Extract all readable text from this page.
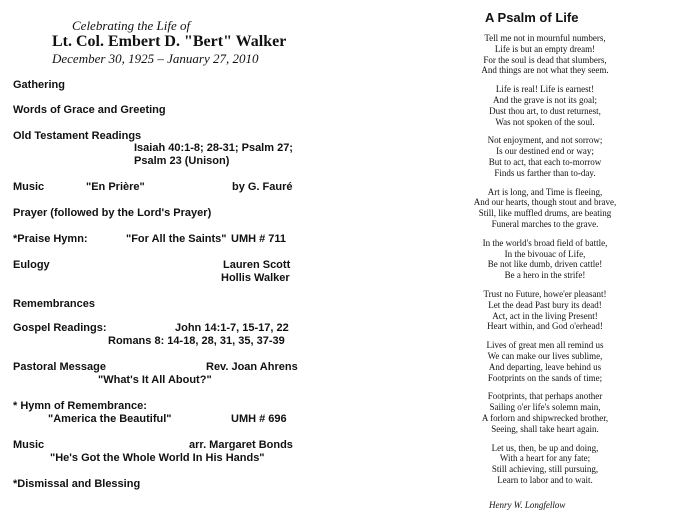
Celebrating the Life of
Lt. Col. Embert D. "Bert" Walker
December 30, 1925 – January 27, 2010
Gathering
Words of Grace and Greeting
Old Testament Readings
Isaiah 40:1-8; 28-31; Psalm 27;
Psalm 23 (Unison)
Music	"En Prière"	by G. Fauré
Prayer (followed by the Lord's Prayer)
*Praise Hymn:	"For All the Saints" UMH # 711
Eulogy	Lauren Scott
Hollis Walker
Remembrances
Gospel Readings:	John 14:1-7, 15-17, 22
Romans 8: 14-18, 28, 31, 35, 37-39
Pastoral Message	Rev. Joan Ahrens
"What's It All About?"
* Hymn of Remembrance:
"America the Beautiful"	UMH # 696
Music	arr. Margaret Bonds
"He's Got the Whole World In His Hands"
*Dismissal and Blessing
A Psalm of Life
Tell me not in mournful numbers,
Life is but an empty dream!
For the soul is dead that slumbers,
And things are not what they seem.
Life is real! Life is earnest!
And the grave is not its goal;
Dust thou art, to dust returnest,
Was not spoken of the soul.
Not enjoyment, and not sorrow;
Is our destined end or way;
But to act, that each to-morrow
Finds us farther than to-day.
Art is long, and Time is fleeing,
And our hearts, though stout and brave,
Still, like muffled drums, are beating
Funeral marches to the grave.
In the world's broad field of battle,
In the bivouac of Life,
Be not like dumb, driven cattle!
Be a hero in the strife!
Trust no Future, howe'er pleasant!
Let the dead Past bury its dead!
Act, act in the living Present!
Heart within, and God o'erhead!
Lives of great men all remind us
We can make our lives sublime,
And departing, leave behind us
Footprints on the sands of time;
Footprints, that perhaps another
Sailing o'er life's solemn main,
A forlorn and shipwrecked brother,
Seeing, shall take heart again.
Let us, then, be up and doing,
With a heart for any fate;
Still achieving, still pursuing,
Learn to labor and to wait.
Henry W. Longfellow
